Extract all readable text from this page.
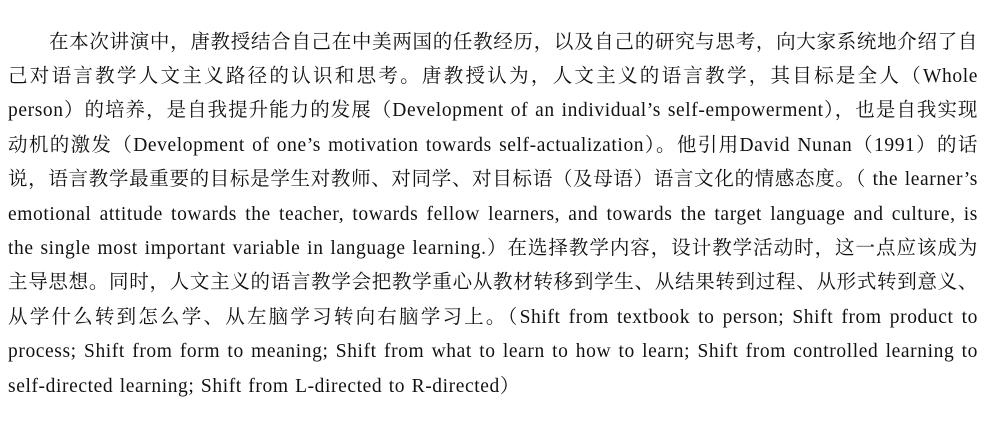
在本次讲演中，唐教授结合自己在中美两国的任教经历，以及自己的研究与思考，向大家系统地介绍了自己对语言教学人文主义路径的认识和思考。唐教授认为，人文主义的语言教学，其目标是全人（Whole person）的培养，是自我提升能力的发展（Development of an individual’s self-empowerment），也是自我实现动机的激发（Development of one’s motivation towards self-actualization）。他引用David Nunan（1991）的话说，语言教学最重要的目标是学生对教师、对同学、对目标语（及母语）语言文化的情感态度。（ the learner’s emotional attitude towards the teacher, towards fellow learners, and towards the target language and culture, is the single most important variable in language learning.）在选择教学内容，设计教学活动时，这一点应该成为主导思想。同时，人文主义的语言教学会把教学重心从教材转移到学生、从结果转到过程、从形式转到意义、从学什么转到怎么学、从左脑学习转向右脑学习上。（Shift from textbook to person; Shift from product to process; Shift from form to meaning; Shift from what to learn to how to learn; Shift from controlled learning to self-directed learning; Shift from L-directed to R-directed）
